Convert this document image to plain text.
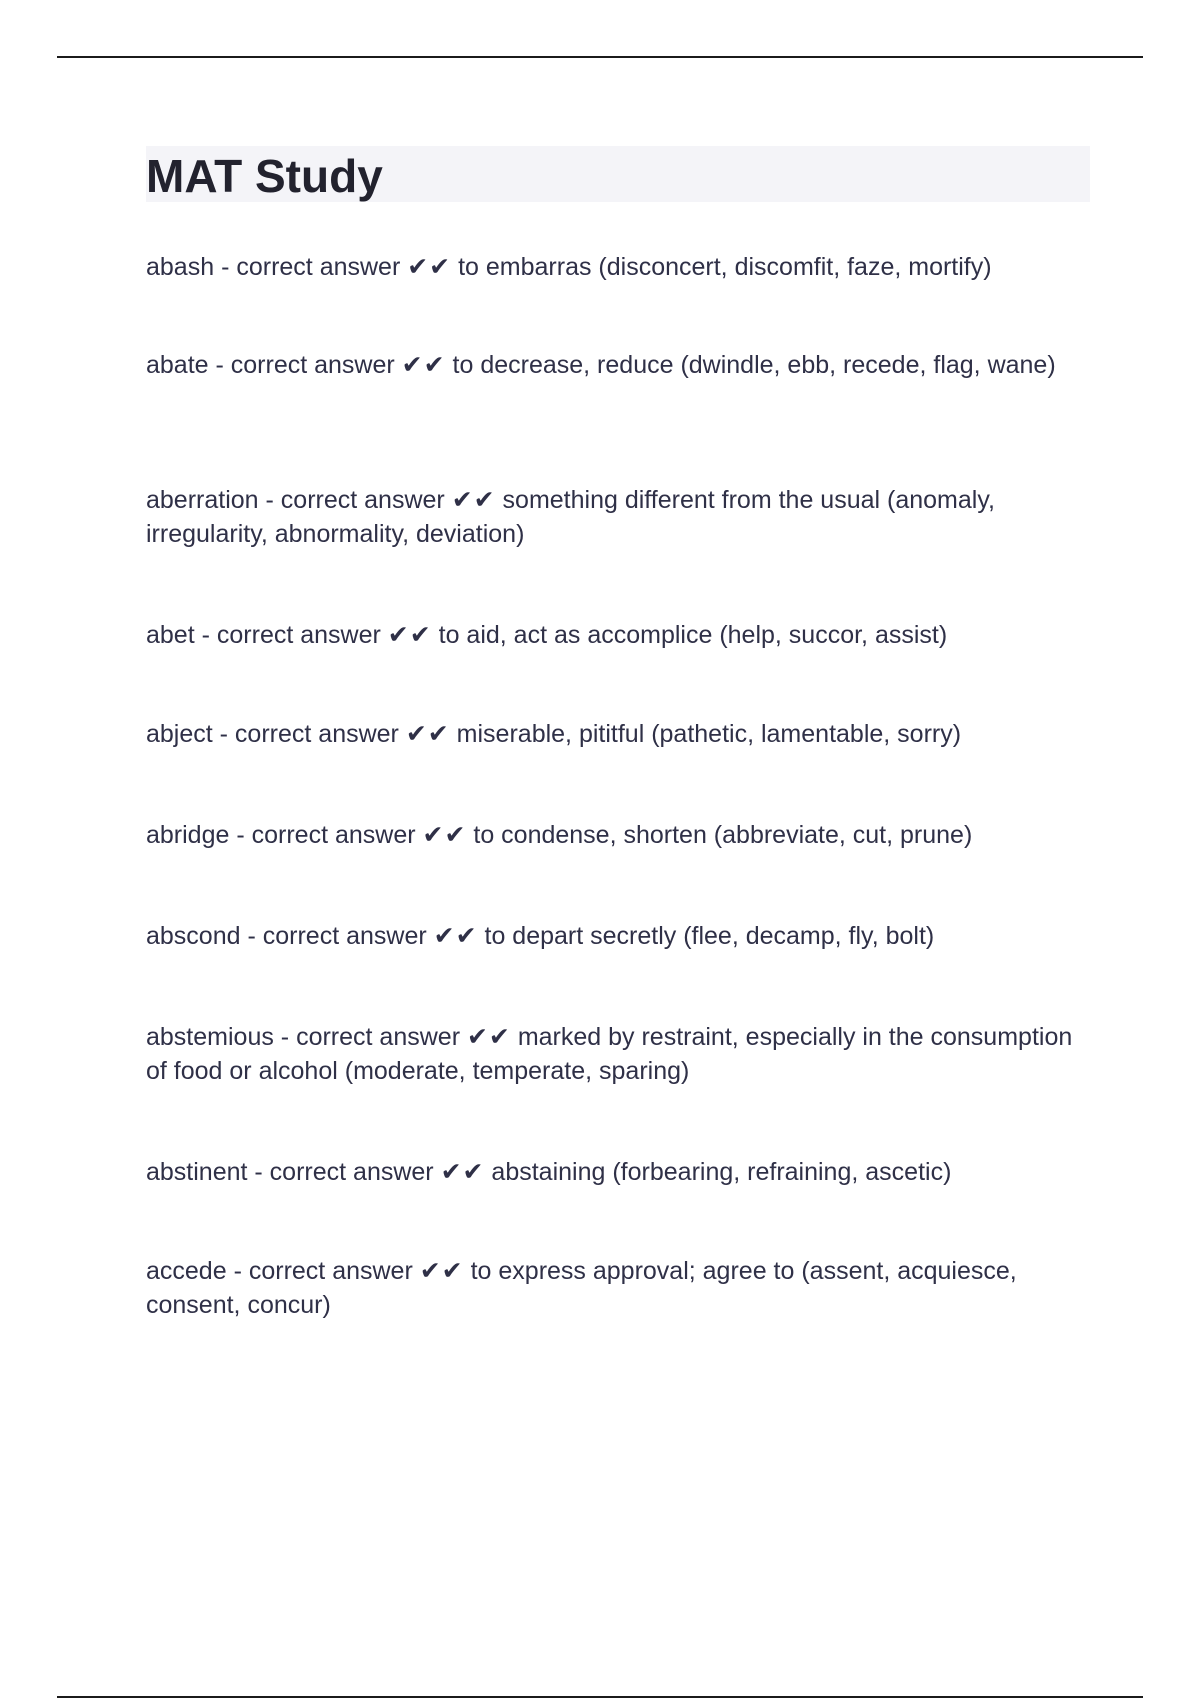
MAT Study
abash - correct answer ✔✔ to embarras (disconcert, discomfit, faze, mortify)
abate - correct answer ✔✔ to decrease, reduce (dwindle, ebb, recede, flag, wane)
aberration - correct answer ✔✔ something different from the usual (anomaly, irregularity, abnormality, deviation)
abet - correct answer ✔✔ to aid, act as accomplice (help, succor, assist)
abject - correct answer ✔✔ miserable, pititful (pathetic, lamentable, sorry)
abridge - correct answer ✔✔ to condense, shorten (abbreviate, cut, prune)
abscond - correct answer ✔✔ to depart secretly (flee, decamp, fly, bolt)
abstemious - correct answer ✔✔ marked by restraint, especially in the consumption of food or alcohol (moderate, temperate, sparing)
abstinent - correct answer ✔✔ abstaining (forbearing, refraining, ascetic)
accede - correct answer ✔✔ to express approval; agree to (assent, acquiesce, consent, concur)
